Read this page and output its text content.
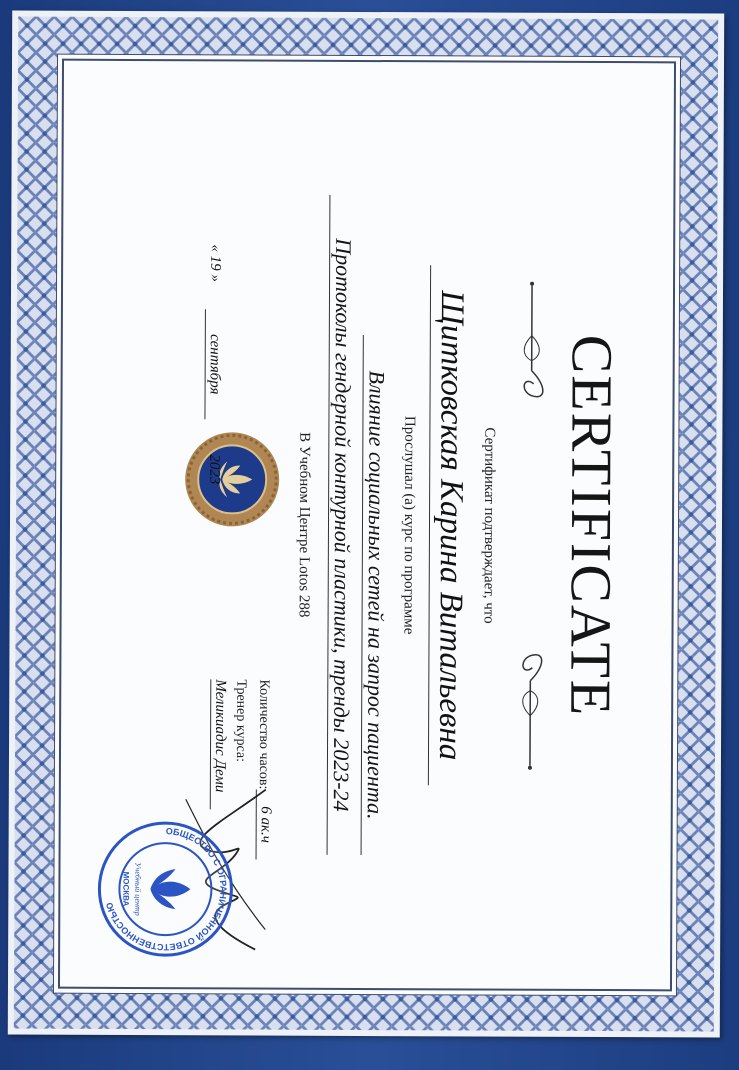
CERTIFICATE
Сертификат подтверждает, что
Щитковская Карина Витальевна
Прослушал (а) курс по программе
Влияние социальных сетей на запрос пациента.
Протоколы гендерной контурной пластики, тренды 2023-24
В Учебном Центре Lotos 288
Количество часов:
6 ак.ч
Тренер курса:
Меликиадис Деми
« 19 »
сентября
2023
ОБЩЕСТВО С ОГРАНИЧЕННОЙ ОТВЕТСТВЕННОСТЬЮ	Учебный центр
МОСКВА
